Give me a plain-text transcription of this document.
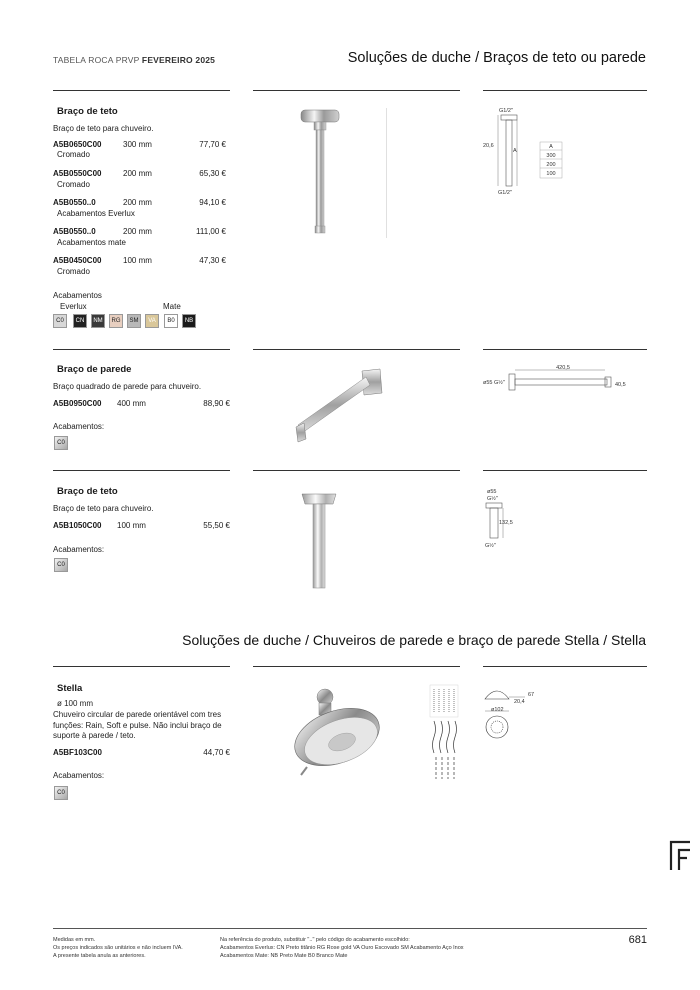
TABELA ROCA PRVP FEVEREIRO 2025	Soluções de duche / Braços de teto ou parede
Braço de teto
Braço de teto para chuveiro.
A5B0650C00	300 mm	77,70 €
Cromado
A5B0550C00	200 mm	65,30 €
Cromado
A5B0550..0	200 mm	94,10 €
Acabamentos Everlux
A5B0550..0	200 mm	111,00 €
Acabamentos mate
A5B0450C00	100 mm	47,30 €
Cromado
Acabamentos
Everlux	Mate
C0	CN	NM	RG	SM	VA	B0	NB
G1/2"
20,6
A
G1/2"
A
300
200
100
Braço de parede
Braço quadrado de parede para chuveiro.
A5B0950C00 400 mm	88,90 €
Acabamentos:
C0
420,5
ø55 G½"	40,5
Braço de teto
Braço de teto para chuveiro.
A5B1050C00 100 mm	55,50 €
Acabamentos:
C0
ø55
G½"
132,5
G½"
Soluções de duche / Chuveiros de parede e braço de parede Stella / Stella
Stella
ø 100 mm
Chuveiro circular de parede orientável com tres funções: Rain, Soft e pulse. Não inclui braço de suporte à parede / teto.
A5BF103C00	44,70 €
Acabamentos:
C0
20,4
67
ø102
Medidas em mm.
Os preços indicados são unitários e não incluem IVA.
A presente tabela anula as anteriores.
Na referência do produto, substituir ".." pelo código do acabamento escolhido:
Acabamentos Everlux: CN Preto titânio RG Rose gold VA Ouro Escovado SM Acabamento Aço Inox
Acabamentos Mate: NB Preto Mate B0 Branco Mate
681
